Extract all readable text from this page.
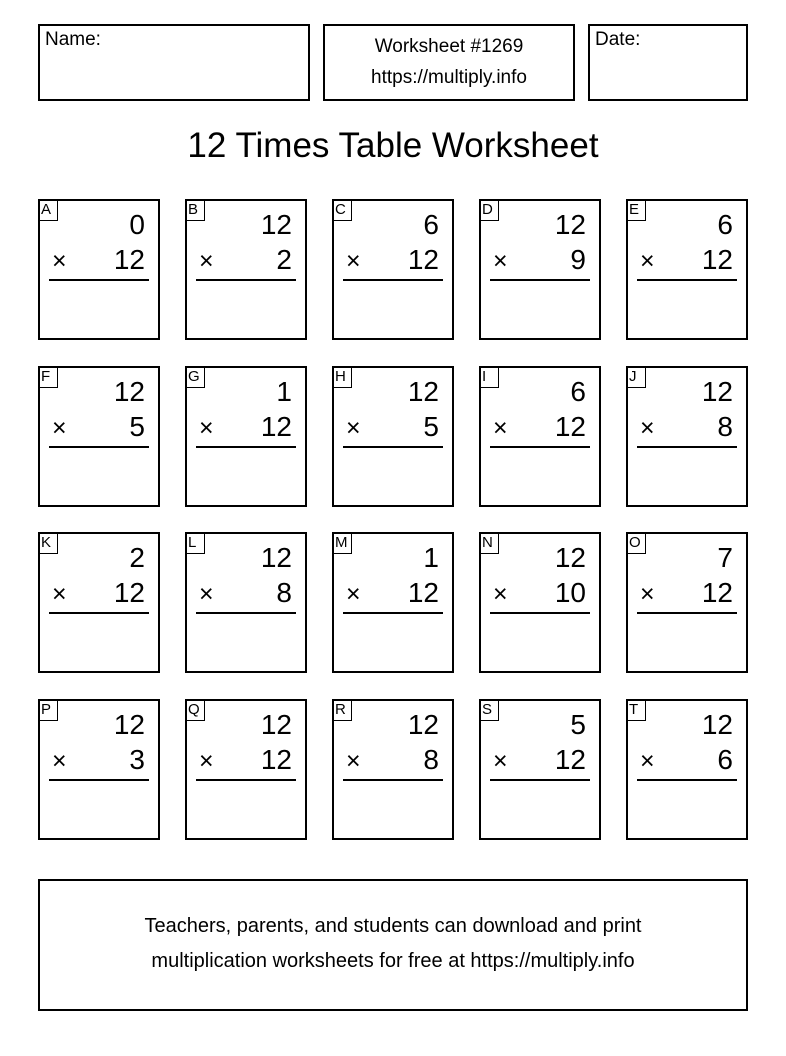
Name:	Worksheet #1269
https://multiply.info
Date:
12 Times Table Worksheet
A	0
× 12
B 12
× 2
C	6
× 12
D 12
× 9
E	6
× 12
F 12
× 5
G	1
× 12
H 12
× 5
I	6
× 12
J	12
× 8
K	2
× 12
L	12
× 8
M	1
× 12
N 12
× 10
O	7
× 12
P 12
× 3
Q 12
× 12
R 12
× 8
S	5
× 12
T 12
× 6
Teachers, parents, and students can download and print
multiplication worksheets for free at https://multiply.info
